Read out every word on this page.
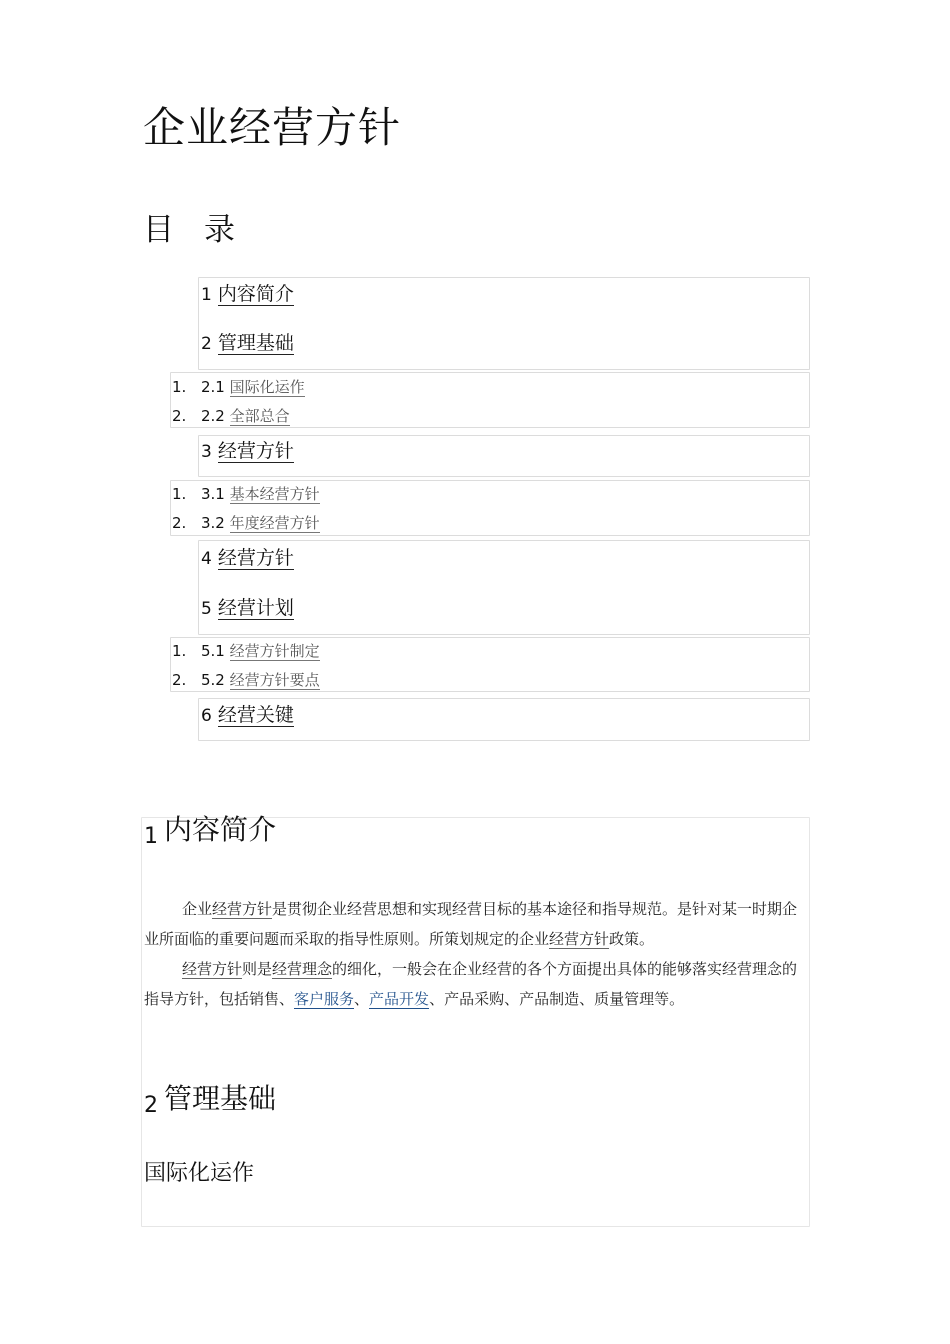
企业经营方针
目 录
1 内容简介
2 管理基础
3 经营方针
4 经营方针
5 经营计划
6 经营关键
1. 2.1 国际化运作
2. 2.2 全部总合
1. 3.1 基本经营方针
2. 3.2 年度经营方针
1. 5.1 经营方针制定
2. 5.2 经营方针要点
1 内容简介

企业经营方针是贯彻企业经营思想和实现经营目标的基本途径和指导规范。是针对某一时期企业所面临的重要问题而采取的指导性原则。所策划规定的企业经营方针政策。

经营方针则是经营理念的细化，一般会在企业经营的各个方面提出具体的能够落实经营理念的指导方针，包括销售、客户服务、产品开发、产品采购、产品制造、质量管理等。

2 管理基础
国际化运作
